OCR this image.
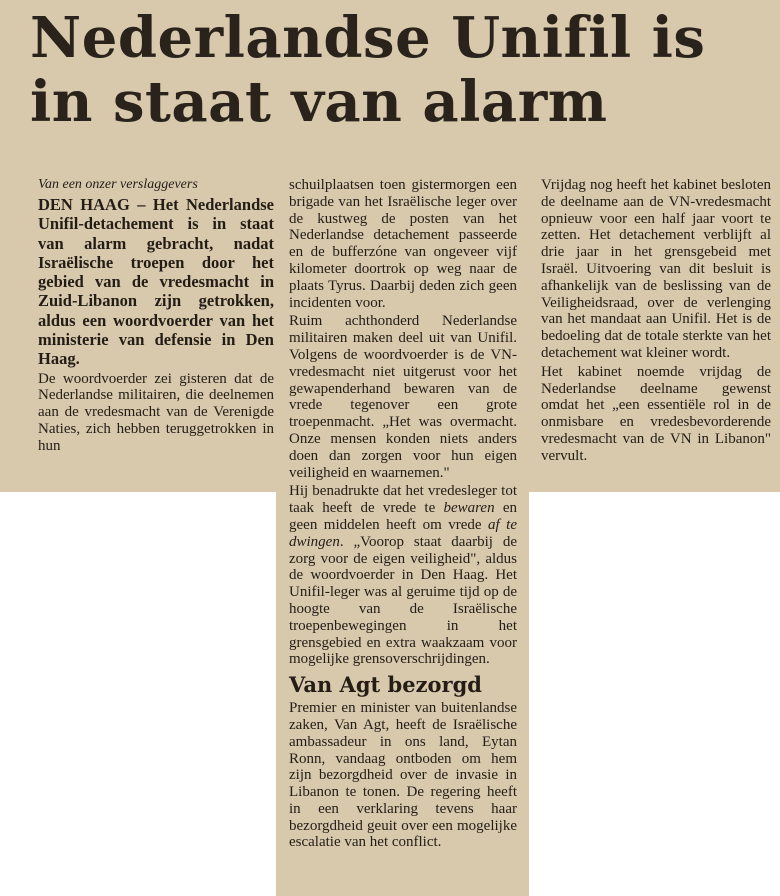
Nederlandse Unifil is
in staat van alarm

Van een onzer verslaggevers

DEN HAAG – Het Nederlandse Unifil-detachement is in staat van alarm gebracht, nadat Israëlische troepen door het gebied van de vredesmacht in Zuid-Libanon zijn getrokken, aldus een woordvoerder van het ministerie van defensie in Den Haag.

De woordvoerder zei gisteren dat de Nederlandse militairen, die deelnemen aan de vredesmacht van de Verenigde Naties, zich hebben teruggetrokken in hun

schuilplaatsen toen gistermorgen een brigade van het Israëlische leger over de kustweg de posten van het Nederlandse detachement passeerde en de bufferzóne van ongeveer vijf kilometer doortrok op weg naar de plaats Tyrus. Daarbij deden zich geen incidenten voor.

Ruim achthonderd Nederlandse militairen maken deel uit van Unifil. Volgens de woordvoerder is de VN-vredesmacht niet uitgerust voor het gewapenderhand bewaren van de vrede tegenover een grote troepenmacht. „Het was overmacht. Onze mensen konden niets anders doen dan zorgen voor hun eigen veiligheid en waarnemen."

Hij benadrukte dat het vredesleger tot taak heeft de vrede te bewaren en geen middelen heeft om vrede af te dwingen. „Voorop staat daarbij de zorg voor de eigen veiligheid", aldus de woordvoerder in Den Haag. Het Unifil-leger was al geruime tijd op de hoogte van de Israëlische troepenbewegingen in het grensgebied en extra waakzaam voor mogelijke grensoverschrijdingen.

Van Agt bezorgd

Premier en minister van buitenlandse zaken, Van Agt, heeft de Israëlische ambassadeur in ons land, Eytan Ronn, vandaag ontboden om hem zijn bezorgdheid over de invasie in Libanon te tonen. De regering heeft in een verklaring tevens haar bezorgdheid geuit over een mogelijke escalatie van het conflict.

Vrijdag nog heeft het kabinet besloten de deelname aan de VN-vredesmacht opnieuw voor een half jaar voort te zetten. Het detachement verblijft al drie jaar in het grensgebeid met Israël. Uitvoering van dit besluit is afhankelijk van de beslissing van de Veiligheidsraad, over de verlenging van het mandaat aan Unifil. Het is de bedoeling dat de totale sterkte van het detachement wat kleiner wordt.

Het kabinet noemde vrijdag de Nederlandse deelname gewenst omdat het „een essentiële rol in de onmisbare en vredesbevorderende vredesmacht van de VN in Libanon" vervult.
